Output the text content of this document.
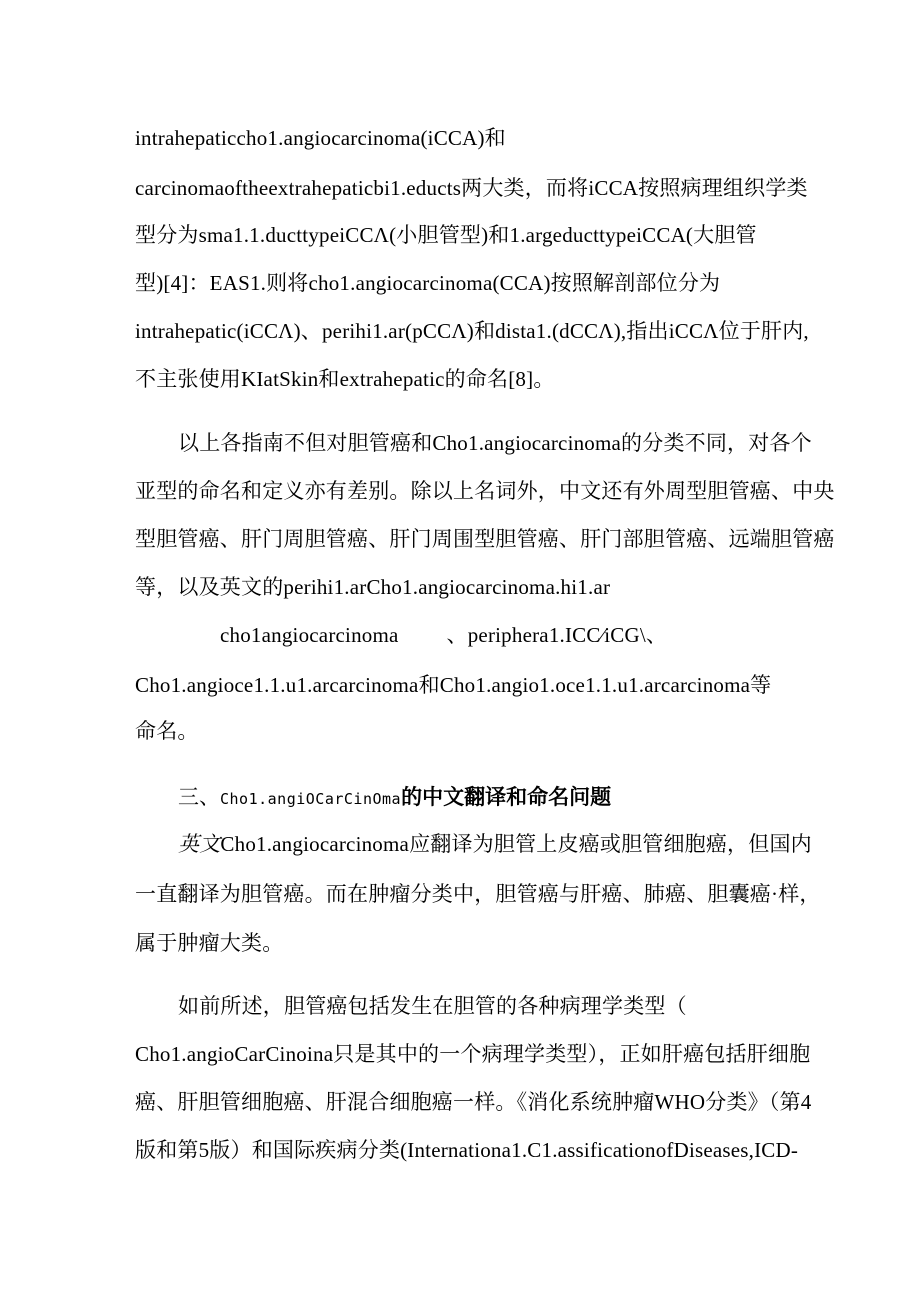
intrahepaticcho1.angiocarcinoma(iCCA)和
carcinomaoftheextrahepaticbi1.educts两大类，而将iCCA按照病理组织学类
型分为sma1.1.ducttypeiCCΛ(小胆管型)和1.argeducttypeiCCA(大胆管
型)[4]：EAS1.则将cho1.angiocarcinoma(CCA)按照解剖部位分为
intrahepatic(iCCΛ)、perihi1.ar(pCCΛ)和dista1.(dCCΛ),指出iCCΛ位于肝内,
不主张使用KIatSkin和extrahepatic的命名[8]。
以上各指南不但对胆管癌和Cho1.angiocarcinoma的分类不同，对各个
亚型的命名和定义亦有差别。除以上名词外，中文还有外周型胆管癌、中央
型胆管癌、肝门周胆管癌、肝门周围型胆管癌、肝门部胆管癌、远端胆管癌
等，以及英文的perihi1.arCho1.angiocarcinoma.hi1.ar
cho1angiocarcinoma 、periphera1.ICC∕iCG\、
Cho1.angioce1.1.u1.arcarcinoma和Cho1.angio1.oce1.1.u1.arcarcinoma等
命名。
三、Cho1.angiOCarCinOma的中文翻译和命名问题
英文Cho1.angiocarcinoma应翻译为胆管上皮癌或胆管细胞癌，但国内
一直翻译为胆管癌。而在肿瘤分类中，胆管癌与肝癌、肺癌、胆囊癌·样，
属于肿瘤大类。
如前所述，胆管癌包括发生在胆管的各种病理学类型（
Cho1.angioCarCinoina只是其中的一个病理学类型），正如肝癌包括肝细胞
癌、肝胆管细胞癌、肝混合细胞癌一样。《消化系统肿瘤WHO分类》（第4
版和第5版）和国际疾病分类(Internationa1.C1.assificationofDiseases,ICD-
